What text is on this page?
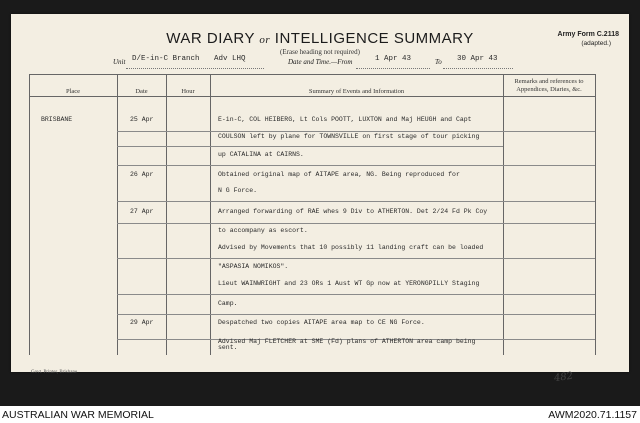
WAR DIARY or INTELLIGENCE SUMMARY
(Erase heading not required)
Army Form C.2118
(adapted.)
Unit D/E-in-C Branch Adv LHQ	Date and Time.—From	1 Apr 43	To 30 Apr 43
Place	Date	Hour	Summary of Events and Information
Remarks and references to
Appendices, Diaries, &c.
BRISBANE	25 Apr	E-in-C, COL HEIBERG, Lt Cols POOTT, LUXTON and Maj HEUGH and Capt
COULSON left by plane for TOWNSVILLE on first stage of tour picking
up CATALINA at CAIRNS.
26 Apr	Obtained original map of AITAPE area, NG. Being reproduced for
N G Force.
27 Apr	Arranged forwarding of RAE whes 9 Div to ATHERTON. Det 2/24 Fd Pk Coy
to accompany as escort.
Advised by Movements that 10 possibly 11 landing craft can be loaded
"ASPASIA NOMIKOS".
Lieut WAINWRIGHT and 23 ORs 1 Aust WT Gp now at YERONGPILLY Staging
Camp.
29 Apr	Despatched two copies AITAPE area map to CE NG Force.
Advised Maj FLETCHER at SME (Fd) plans of ATHERTON area camp being
sent.
Govt. Printer, Brisbane	482
AUSTRALIAN WAR MEMORIAL	AWM2020.71.1157
